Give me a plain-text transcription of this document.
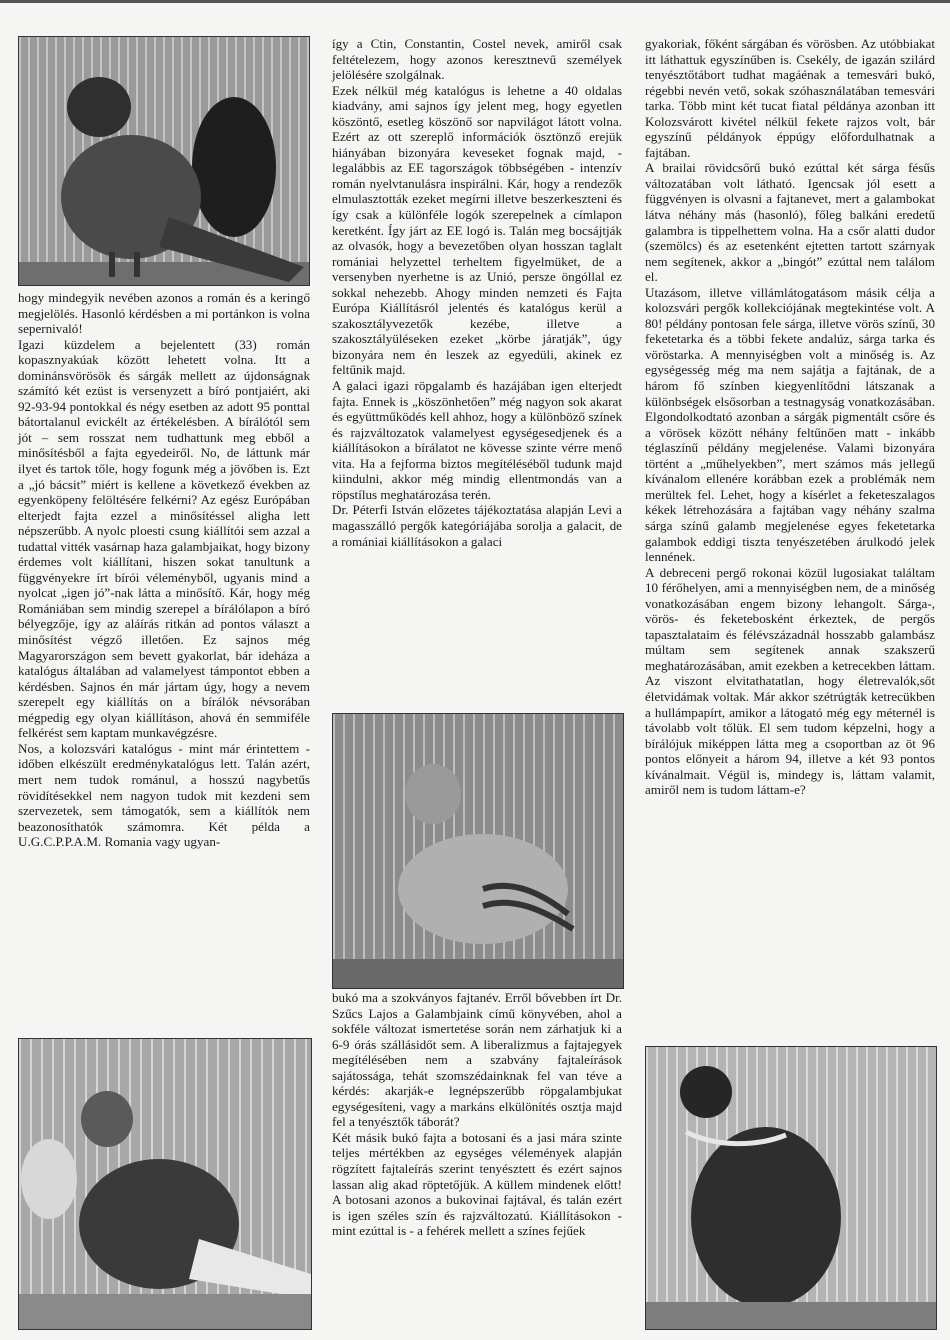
hogy mindegyik nevében azonos a román és a keringő megjelölés. Hasonló kérdésben a mi portánkon is volna sepernivaló!

Igazi küzdelem a bejelentett (33) román kopasznyakúak között lehetett volna. Itt a dominánsvörösök és sárgák mellett az újdonságnak számító két ezüst is versenyzett a bíró pontjaiért, aki 92-93-94 pontokkal és négy esetben az adott 95 ponttal bátortalanul evickélt az értékelésben. A bírálótól sem jót – sem rosszat nem tudhattunk meg ebből a minősítésből a fajta egyedeiről. No, de láttunk már ilyet és tartok tőle, hogy fogunk még a jövőben is. Ezt a „jó bácsit” miért is kellene a következő években az egyenköpeny felöltésére felkérni? Az egész Európában elterjedt fajta ezzel a minősítéssel aligha lett népszerűbb. A nyolc ploesti csung kiállítói sem azzal a tudattal vitték vasárnap haza galambjaikat, hogy bizony érdemes volt kiállítani, hiszen sokat tanultunk a függvényekre írt bírói véleményből, ugyanis mind a nyolcat „igen jó”-nak látta a minősítő. Kár, hogy még Romániában sem mindig szerepel a bírálólapon a bíró bélyegzője, így az aláírás ritkán ad pontos választ a minősítést végző illetően. Ez sajnos még Magyarországon sem bevett gyakorlat, bár ideháza a katalógus általában ad valamelyest támpontot ebben a kérdésben. Sajnos én már jártam úgy, hogy a nevem szerepelt egy kiállítás on a bírálók névsorában mégpedig egy olyan kiállításon, ahová én semmiféle felkérést sem kaptam munkavégzésre.

Nos, a kolozsvári katalógus - mint már érintettem - időben elkészült eredménykatalógus lett. Talán azért, mert nem tudok románul, a hosszú nagybetűs rövidítésekkel nem nagyon tudok mit kezdeni sem szervezetek, sem támogatók, sem a kiállítók nem beazonosíthatók számomra. Két példa a U.G.C.P.P.A.M. Romania vagy ugyan-

így a Ctin, Constantin, Costel nevek, amiről csak feltételezem, hogy azonos keresztnevű személyek jelölésére szolgálnak.

Ezek nélkül még katalógus is lehetne a 40 oldalas kiadvány, ami sajnos így jelent meg, hogy egyetlen köszöntő, esetleg köszönő sor napvilágot látott volna. Ezért az ott szereplő információk ösztönző erejük hiányában bizonyára keveseket fognak majd, - legalábbis az EE tagországok többségében - intenzív román nyelvtanulásra inspirálni. Kár, hogy a rendezők elmulasztották ezeket megírni illetve beszerkeszteni és így csak a különféle logók szerepelnek a címlapon keretként. Így járt az EE logó is. Talán meg bocsájtják az olvasók, hogy a bevezetőben olyan hosszan taglalt romániai helyzettel terheltem figyelmüket, de a versenyben nyerhetne is az Unió, persze öngóllal ez sokkal nehezebb. Ahogy minden nemzeti és Fajta Európa Kiállításról jelentés és katalógus kerül a szakosztályvezetők kezébe, illetve a szakosztályüléseken ezeket „körbe járatják”, úgy bizonyára nem én leszek az egyedüli, akinek ez feltűnik majd.

A galaci igazi röpgalamb és hazájában igen elterjedt fajta. Ennek is „köszönhetően” még nagyon sok akarat és együttműködés kell ahhoz, hogy a különböző színek és rajzváltozatok valamelyest egységesedjenek és a kiállításokon a bírálatot ne kövesse szinte vérre menő vita. Ha a fejforma biztos megítéléséből tudunk majd kiindulni, akkor még mindig ellentmondás van a röpstílus meghatározása terén.

Dr. Péterfi István előzetes tájékoztatása alapján Levi a magasszálló pergők kategóriájába sorolja a galacit, de a romániai kiállításokon a galaci

bukó ma a szokványos fajtanév. Erről bővebben írt Dr. Szűcs Lajos a Galambjaink című könyvében, ahol a sokféle változat ismertetése során nem zárhatjuk ki a 6-9 órás szállásidőt sem. A liberalizmus a fajtajegyek megítélésében nem a szabvány fajtaleírások sajátossága, tehát szomszédainknak fel van téve a kérdés: akarják-e legnépszerűbb röpgalambjukat egységesíteni, vagy a markáns elkülönítés osztja majd fel a tenyésztők táborát?

Két másik bukó fajta a botosani és a jasi mára szinte teljes mértékben az egységes vélemények alapján rögzített fajtaleírás szerint tenyésztett és ezért sajnos lassan alig akad röptetőjük. A küllem mindenek előtt! A botosani azonos a bukovinai fajtával, és talán ezért is igen széles szín és rajzváltozatú. Kiállításokon - mint ezúttal is - a fehérek mellett a színes fejűek

gyakoriak, főként sárgában és vörösben. Az utóbbiakat itt láthattuk egyszínűben is. Csekély, de igazán szilárd tenyésztőtábort tudhat magáénak a temesvári bukó, régebbi nevén vető, sokak szóhasználatában temesvári tarka. Több mint két tucat fiatal példánya azonban itt Kolozsvárott kivétel nélkül fekete rajzos volt, bár egyszínű példányok éppúgy előfordulhatnak a fajtában.

A brailai rövidcsőrű bukó ezúttal két sárga fésűs változatában volt látható. Igencsak jól esett a függvényen is olvasni a fajtanevet, mert a galambokat látva néhány más (hasonló), főleg balkáni eredetű galambra is tippelhettem volna. Ha a csőr alatti dudor (szemölcs) és az esetenként ejtetten tartott szárnyak nem segítenek, akkor a „bingót” ezúttal nem találom el.

Utazásom, illetve villámlátogatásom másik célja a kolozsvári pergők kollekciójának megtekintése volt. A 80! példány pontosan fele sárga, illetve vörös színű, 30 feketetarka és a többi fekete andalúz, sárga tarka és vöröstarka. A mennyiségben volt a minőség is. Az egységesség még ma nem sajátja a fajtának, de a három fő színben kiegyenlítődni látszanak a különbségek elsősorban a testnagyság vonatkozásában. Elgondolkodtató azonban a sárgák pigmentált csőre és a vörösek között néhány feltűnően matt - inkább téglaszínű példány megjelenése. Valami bizonyára történt a „műhelyekben”, mert számos más jellegű kívánalom ellenére korábban ezek a problémák nem merültek fel. Lehet, hogy a kísérlet a feketeszalagos kékek létrehozására a fajtában vagy néhány szalma sárga színű galamb megjelenése egyes feketetarka galambok eddigi tiszta tenyészetében árulkodó jelek lennének.

A debreceni pergő rokonai közül lugosiakat találtam 10 férőhelyen, ami a mennyiségben nem, de a minőség vonatkozásában engem bizony lehangolt. Sárga-, vörös- és feketebosként érkeztek, de pergős tapasztalataim és félévszázadnál hosszabb galambász múltam sem segítenek annak szakszerű meghatározásában, amit ezekben a ketrecekben láttam. Az viszont elvitathatatlan, hogy életrevalók,sőt életvidámak voltak. Már akkor szétrúgták ketrecükben a hullámpapírt, amikor a látogató még egy méternél is távolabb volt tőlük. El sem tudom képzelni, hogy a bírálójuk miképpen látta meg a csoportban az öt 96 pontos előnyeit a három 94, illetve a két 93 pontos kívánalmait. Végül is, mindegy is, láttam valamit, amiről nem is tudom láttam-e?
